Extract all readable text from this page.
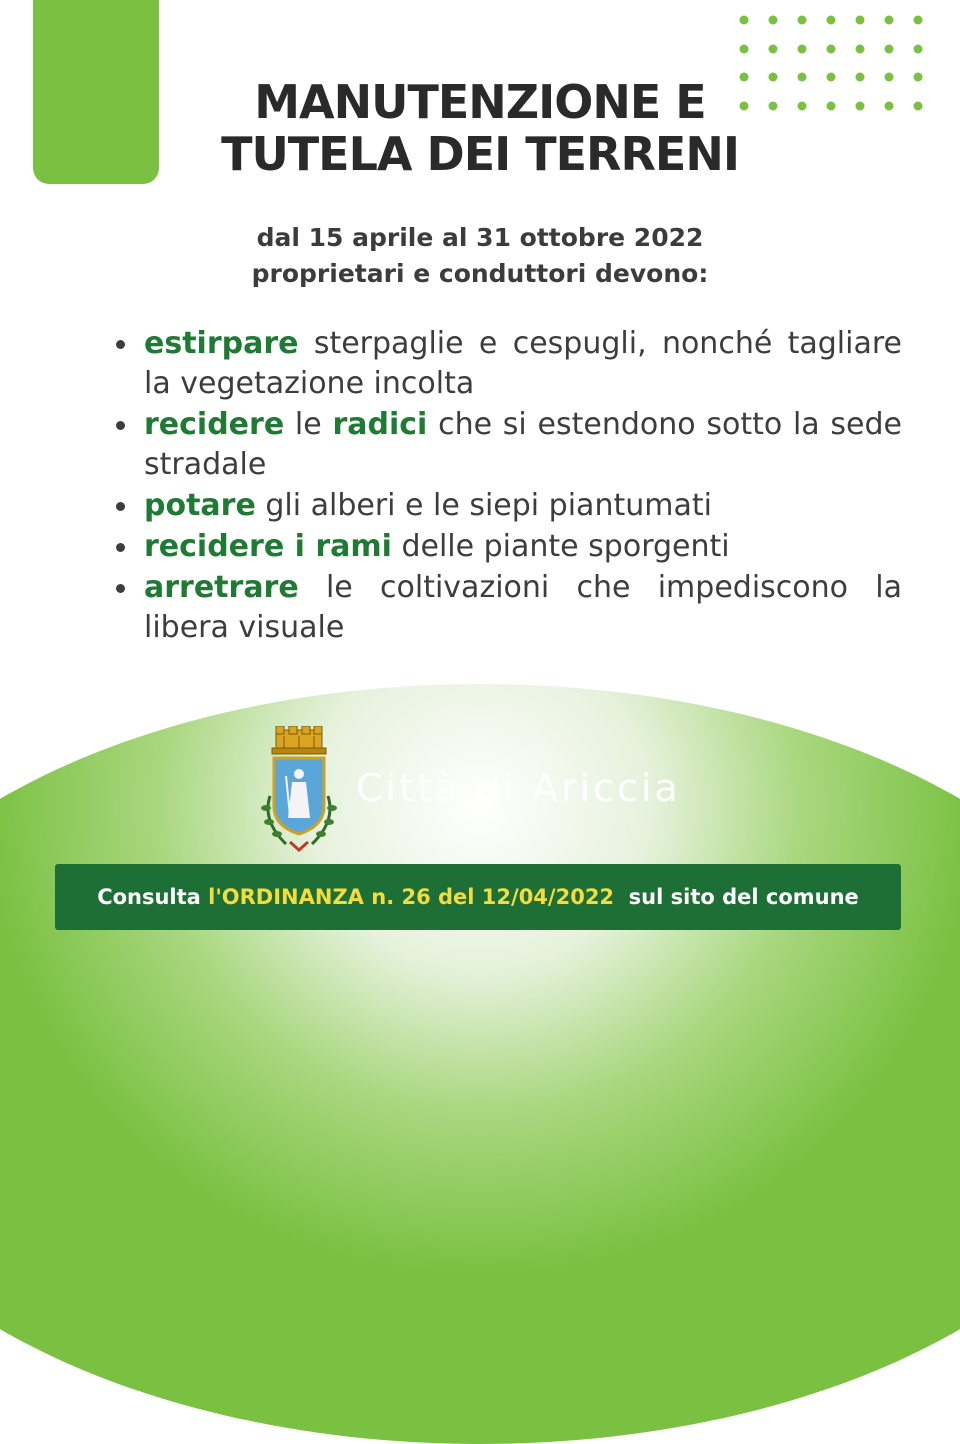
MANUTENZIONE E
TUTELA DEI TERRENI
dal 15 aprile al 31 ottobre 2022
proprietari e conduttori devono:
estirpare sterpaglie e cespugli, nonché tagliare la vegetazione incolta
recidere le radici che si estendono sotto la sede stradale
potare gli alberi e le siepi piantumati
recidere i rami delle piante sporgenti
arretrare le coltivazioni che impediscono la libera visuale
Città di Ariccia
Consulta l'ORDINANZA n. 26 del 12/04/2022 sul sito del comune
